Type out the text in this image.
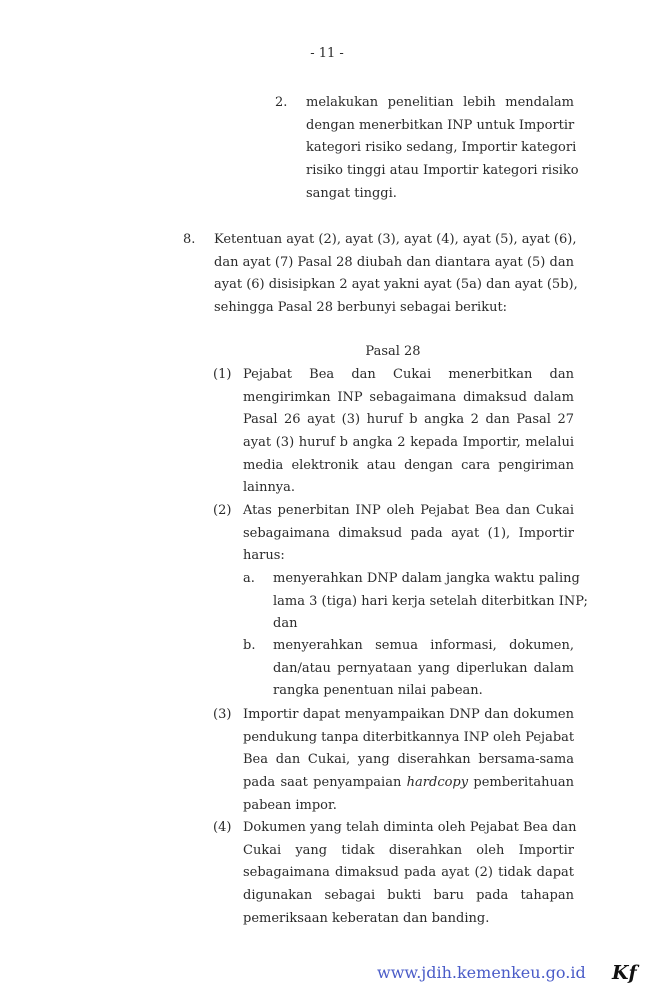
- 11 -
2. melakukan penelitian lebih mendalam
dengan menerbitkan INP untuk Importir
kategori risiko sedang, Importir kategori
risiko tinggi atau Importir kategori risiko
sangat tinggi.
8. Ketentuan ayat (2), ayat (3), ayat (4), ayat (5), ayat (6),
dan ayat (7) Pasal 28 diubah dan diantara ayat (5) dan
ayat (6) disisipkan 2 ayat yakni ayat (5a) dan ayat (5b),
sehingga Pasal 28 berbunyi sebagai berikut:
Pasal 28
(1) Pejabat Bea dan Cukai menerbitkan dan
mengirimkan INP sebagaimana dimaksud dalam
Pasal 26 ayat (3) huruf b angka 2 dan Pasal 27
ayat (3) huruf b angka 2 kepada Importir, melalui
media elektronik atau dengan cara pengiriman
lainnya.
(2) Atas penerbitan INP oleh Pejabat Bea dan Cukai
sebagaimana dimaksud pada ayat (1), Importir
harus:
a. menyerahkan DNP dalam jangka waktu paling
lama 3 (tiga) hari kerja setelah diterbitkan INP;
dan
b. menyerahkan semua informasi, dokumen,
dan/atau pernyataan yang diperlukan dalam
rangka penentuan nilai pabean.
(3) Importir dapat menyampaikan DNP dan dokumen
pendukung tanpa diterbitkannya INP oleh Pejabat
Bea dan Cukai, yang diserahkan bersama-sama
pada saat penyampaian hardcopy pemberitahuan
pabean impor.
(4) Dokumen yang telah diminta oleh Pejabat Bea dan
Cukai yang tidak diserahkan oleh Importir
sebagaimana dimaksud pada ayat (2) tidak dapat
digunakan sebagai bukti baru pada tahapan
pemeriksaan keberatan dan banding.
www.jdih.kemenkeu.go.id Kf
